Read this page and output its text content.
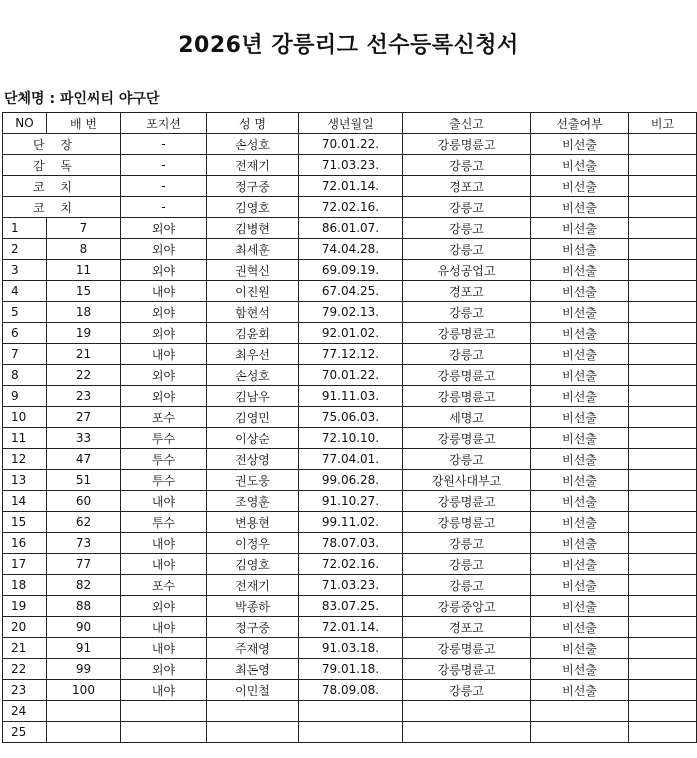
2026년 강릉리그 선수등록신청서
단체명 : 파인씨티 야구단
NO	배 번	포지션	성 명	생년월일	출신고	선출여부	비고
단 장		-	손성호	70.01.22.	강릉명륜고	비선출	
감 독		-	전재기	71.03.23.	강릉고	비선출	
코 치		-	정구중	72.01.14.	경포고	비선출	
코 치		-	김영호	72.02.16.	강릉고	비선출	
1	7	외야	김병현	86.01.07.	강릉고	비선출	
2	8	외야	최세훈	74.04.28.	강릉고	비선출	
3	11	외야	권혁신	69.09.19.	유성공업고	비선출	
4	15	내야	이진원	67.04.25.	경포고	비선출	
5	18	외야	함현석	79.02.13.	강릉고	비선출	
6	19	외야	김윤회	92.01.02.	강릉명륜고	비선출	
7	21	내야	최우선	77.12.12.	강릉고	비선출	
8	22	외야	손성호	70.01.22.	강릉명륜고	비선출	
9	23	외야	김남우	91.11.03.	강릉명륜고	비선출	
10	27	포수	김영민	75.06.03.	세명고	비선출	
11	33	투수	이상순	72.10.10.	강릉명륜고	비선출	
12	47	투수	전상영	77.04.01.	강릉고	비선출	
13	51	투수	권도웅	99.06.28.	강원사대부고	비선출	
14	60	내야	조영훈	91.10.27.	강릉명륜고	비선출	
15	62	투수	변용현	99.11.02.	강릉명륜고	비선출	
16	73	내야	이정우	78.07.03.	강릉고	비선출	
17	77	내야	김영호	72.02.16.	강릉고	비선출	
18	82	포수	전재기	71.03.23.	강릉고	비선출	
19	88	외야	박종하	83.07.25.	강릉중앙고	비선출	
20	90	내야	정구중	72.01.14.	경포고	비선출	
21	91	내야	주재영	91.03.18.	강릉명륜고	비선출	
22	99	외야	최돈영	79.01.18.	강릉명륜고	비선출	
23	100	내야	이민철	78.09.08.	강릉고	비선출	
24							
25							
